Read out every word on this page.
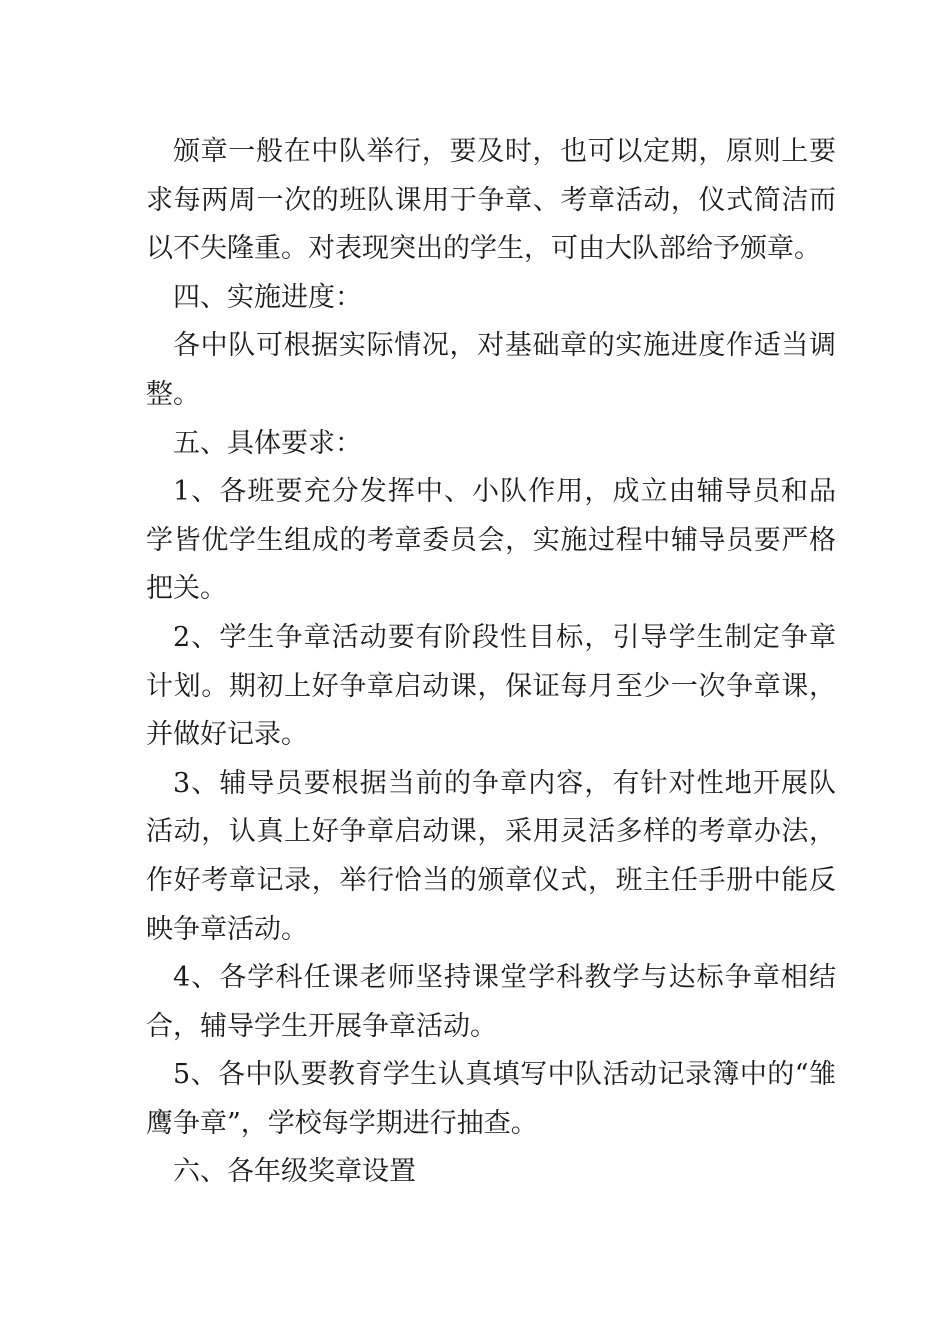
颁章一般在中队举行，要及时，也可以定期，原则上要求每两周一次的班队课用于争章、考章活动，仪式简洁而以不失隆重。对表现突出的学生，可由大队部给予颁章。

四、实施进度：

各中队可根据实际情况，对基础章的实施进度作适当调整。

五、具体要求：

1、各班要充分发挥中、小队作用，成立由辅导员和品学皆优学生组成的考章委员会，实施过程中辅导员要严格把关。

2、学生争章活动要有阶段性目标，引导学生制定争章计划。期初上好争章启动课，保证每月至少一次争章课，并做好记录。

3、辅导员要根据当前的争章内容，有针对性地开展队活动，认真上好争章启动课，采用灵活多样的考章办法，作好考章记录，举行恰当的颁章仪式，班主任手册中能反映争章活动。

4、各学科任课老师坚持课堂学科教学与达标争章相结合，辅导学生开展争章活动。

5、各中队要教育学生认真填写中队活动记录簿中的“雏鹰争章”，学校每学期进行抽查。

六、各年级奖章设置
